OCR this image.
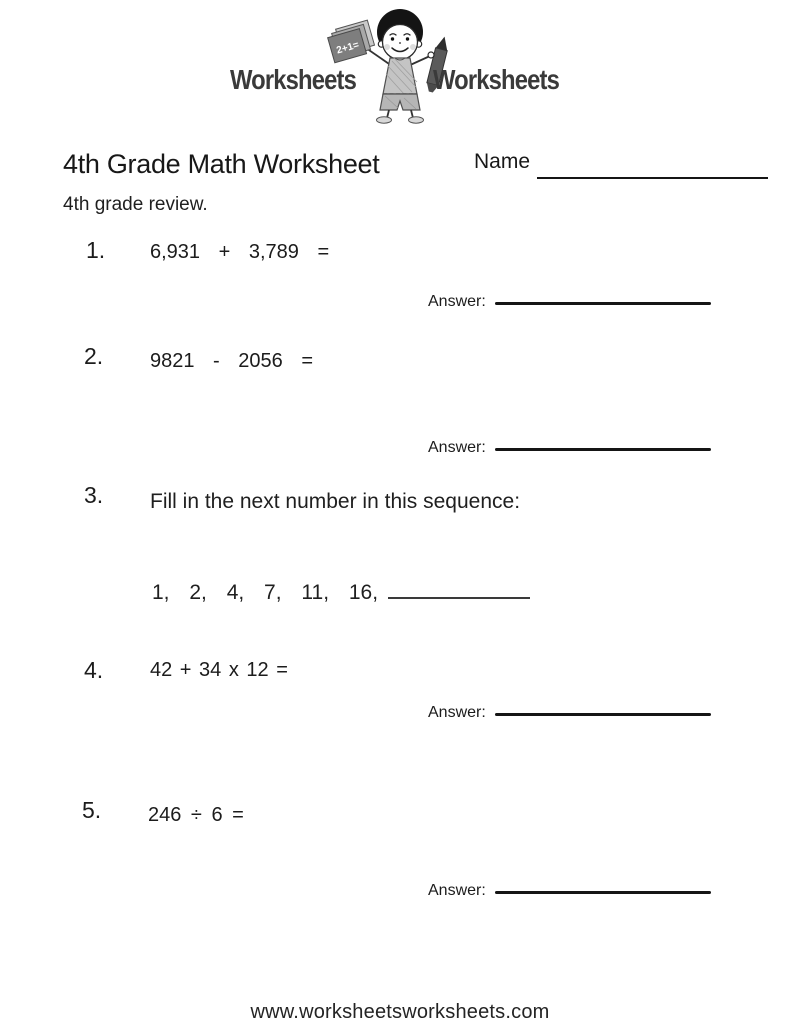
Worksheets	Worksheets
2+1=
4th Grade Math Worksheet	Name
4th grade review.
1. 6,931 + 3,789 =
Answer:
2. 9821 - 2056 =
Answer:
3. Fill in the next number in this sequence:
1, 2, 4, 7, 11, 16,
4. 42 + 34 x 12 =
Answer:
5. 246 ÷ 6 =
Answer:
www.worksheetsworksheets.com
